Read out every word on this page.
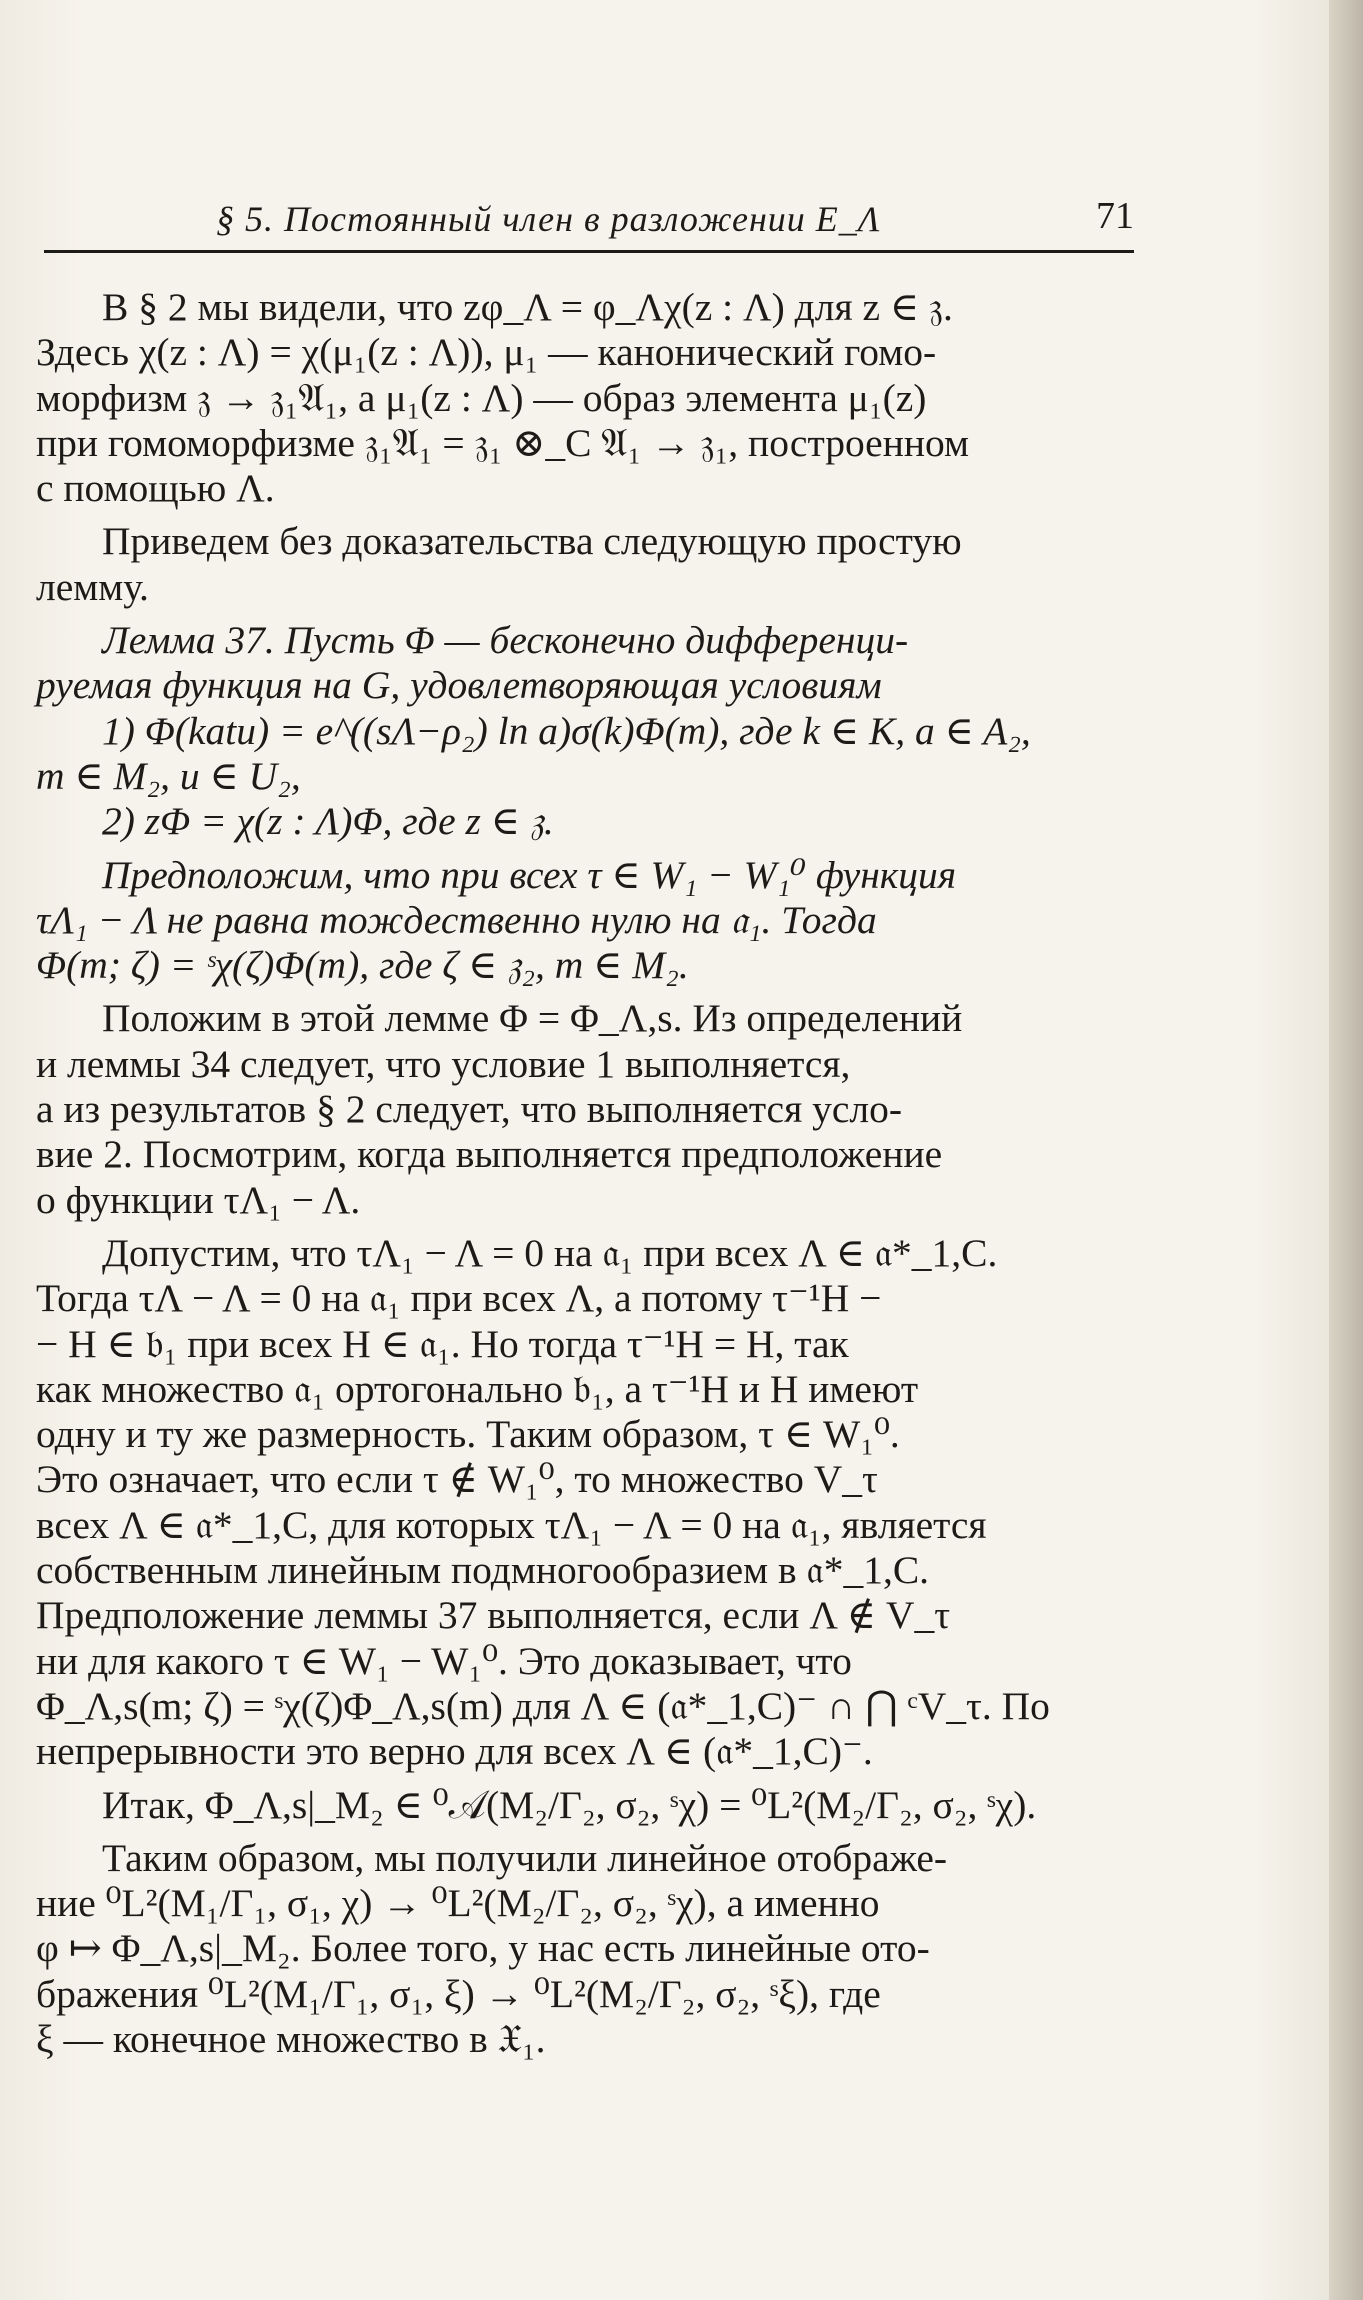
§ 5. Постоянный член в разложении E_Λ	71
В § 2 мы видели, что zφ_Λ = φ_Λχ(z : Λ) для z ∈ 𝔷.
Здесь χ(z : Λ) = χ(μ₁(z : Λ)), μ₁ — канонический гомо-
морфизм 𝔷 → 𝔷₁𝔄₁, а μ₁(z : Λ) — образ элемента μ₁(z)
при гомоморфизме 𝔷₁𝔄₁ = 𝔷₁ ⊗_C 𝔄₁ → 𝔷₁, построенном
с помощью Λ.
Приведем без доказательства следующую простую
лемму.
Лемма 37. Пусть Φ — бесконечно дифференци-
руемая функция на G, удовлетворяющая условиям
1) Φ(katu) = e^((sΛ−ρ₂) ln a)σ(k)Φ(m), где k ∈ K, a ∈ A₂,
m ∈ M₂, u ∈ U₂,
2) zΦ = χ(z : Λ)Φ, где z ∈ 𝔷.
Предположим, что при всех τ ∈ W₁ − W₁⁰ функция
τΛ₁ − Λ не равна тождественно нулю на 𝔞₁. Тогда
Φ(m; ζ) = ˢχ(ζ)Φ(m), где ζ ∈ 𝔷₂, m ∈ M₂.
Положим в этой лемме Φ = Φ_Λ,s. Из определений
и леммы 34 следует, что условие 1 выполняется,
а из результатов § 2 следует, что выполняется усло-
вие 2. Посмотрим, когда выполняется предположение
о функции τΛ₁ − Λ.
Допустим, что τΛ₁ − Λ = 0 на 𝔞₁ при всех Λ ∈ 𝔞*_1,C.
Тогда τΛ − Λ = 0 на 𝔞₁ при всех Λ, а потому τ⁻¹H −
− H ∈ 𝔟₁ при всех H ∈ 𝔞₁. Но тогда τ⁻¹H = H, так
как множество 𝔞₁ ортогонально 𝔟₁, а τ⁻¹H и H имеют
одну и ту же размерность. Таким образом, τ ∈ W₁⁰.
Это означает, что если τ ∉ W₁⁰, то множество V_τ
всех Λ ∈ 𝔞*_1,C, для которых τΛ₁ − Λ = 0 на 𝔞₁, является
собственным линейным подмногообразием в 𝔞*_1,C.
Предположение леммы 37 выполняется, если Λ ∉ V_τ
ни для какого τ ∈ W₁ − W₁⁰. Это доказывает, что
Φ_Λ,s(m; ζ) = ˢχ(ζ)Φ_Λ,s(m) для Λ ∈ (𝔞*_1,C)⁻ ∩ ⋂ ᶜV_τ. По
непрерывности это верно для всех Λ ∈ (𝔞*_1,C)⁻.
Итак, Φ_Λ,s|_M₂ ∈ ⁰𝒜(M₂/Γ₂, σ₂, ˢχ) = ⁰L²(M₂/Γ₂, σ₂, ˢχ).
Таким образом, мы получили линейное отображе-
ние ⁰L²(M₁/Γ₁, σ₁, χ) → ⁰L²(M₂/Γ₂, σ₂, ˢχ), а именно
φ ↦ Φ_Λ,s|_M₂. Более того, у нас есть линейные ото-
бражения ⁰L²(M₁/Γ₁, σ₁, ξ) → ⁰L²(M₂/Γ₂, σ₂, ˢξ), где
ξ — конечное множество в 𝔛₁.
